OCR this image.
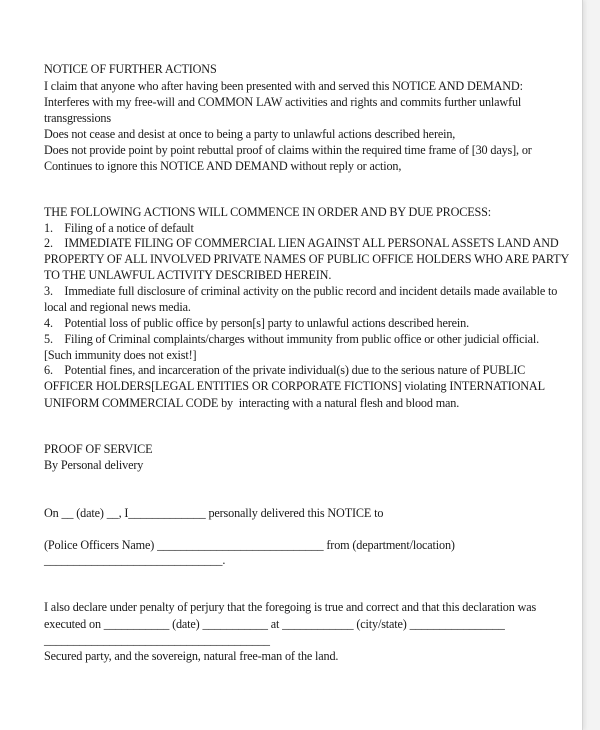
NOTICE OF FURTHER ACTIONS

I claim that anyone who after having been presented with and served this NOTICE AND DEMAND:

Interferes with my free-will and COMMON LAW activities and rights and commits further unlawful

transgressions

Does not cease and desist at once to being a party to unlawful actions described herein,

Does not provide point by point rebuttal proof of claims within the required time frame of [30 days], or

Continues to ignore this NOTICE AND DEMAND without reply or action,

THE FOLLOWING ACTIONS WILL COMMENCE IN ORDER AND BY DUE PROCESS:

1.    Filing of a notice of default

2.    IMMEDIATE FILING OF COMMERCIAL LIEN AGAINST ALL PERSONAL ASSETS LAND AND

PROPERTY OF ALL INVOLVED PRIVATE NAMES OF PUBLIC OFFICE HOLDERS WHO ARE PARTY

TO THE UNLAWFUL ACTIVITY DESCRIBED HEREIN.

3.    Immediate full disclosure of criminal activity on the public record and incident details made available to

local and regional news media.

4.    Potential loss of public office by person[s] party to unlawful actions described herein.

5.    Filing of Criminal complaints/charges without immunity from public office or other judicial official.

[Such immunity does not exist!]

6.    Potential fines, and incarceration of the private individual(s) due to the serious nature of PUBLIC

OFFICER HOLDERS[LEGAL ENTITIES OR CORPORATE FICTIONS] violating INTERNATIONAL

UNIFORM COMMERCIAL CODE by  interacting with a natural flesh and blood man.

PROOF OF SERVICE

By Personal delivery

On __ (date) __, I_____________ personally delivered this NOTICE to

(Police Officers Name) ____________________________ from (department/location)

______________________________.

I also declare under penalty of perjury that the foregoing is true and correct and that this declaration was

executed on ___________ (date) ___________ at ____________ (city/state) ________________

______________________________________

Secured party, and the sovereign, natural free-man of the land.
